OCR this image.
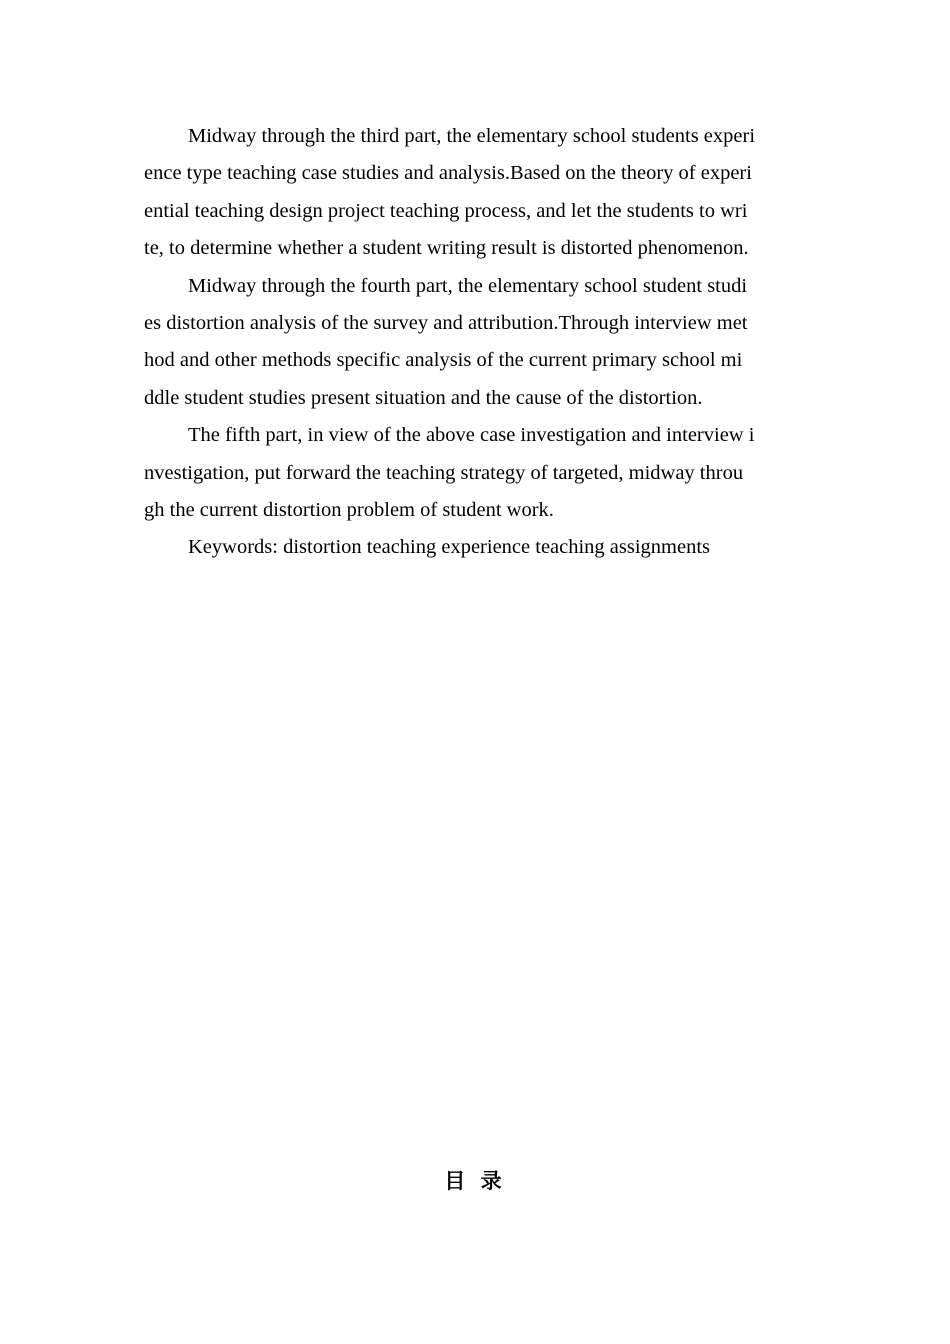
Midway through the third part, the elementary school students experi
ence type teaching case studies and analysis.Based on the theory of experi
ential teaching design project teaching process, and let the students to wri
te, to determine whether a student writing result is distorted phenomenon.
Midway through the fourth part, the elementary school student studi
es distortion analysis of the survey and attribution.Through interview met
hod and other methods specific analysis of the current primary school mi
ddle student studies present situation and the cause of the distortion.
The fifth part, in view of the above case investigation and interview i
nvestigation, put forward the teaching strategy of targeted, midway throu
gh the current distortion problem of student work.
Keywords: distortion teaching experience teaching assignments
目 录
